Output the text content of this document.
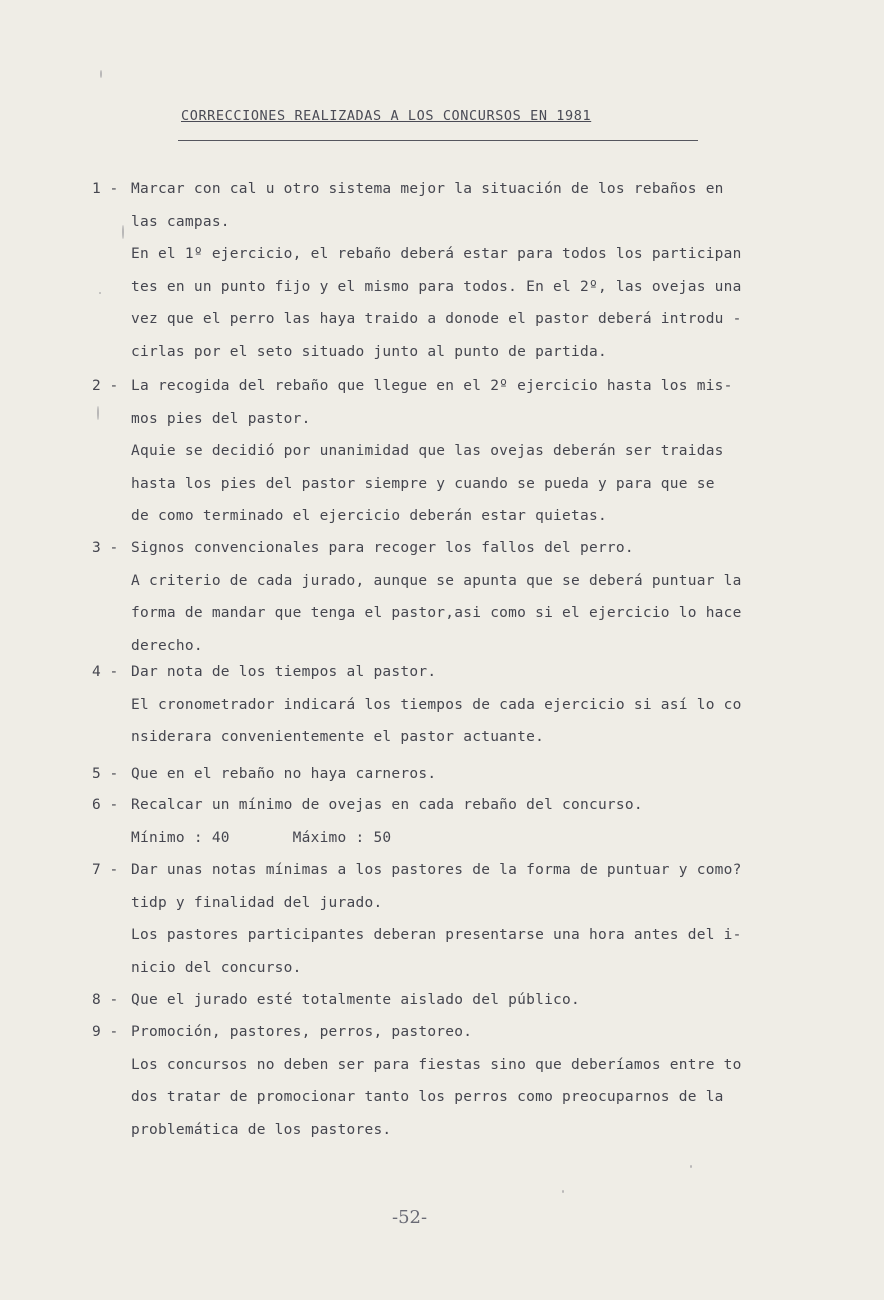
CORRECCIONES REALIZADAS A LOS CONCURSOS EN 1981
1 - Marcar con cal u otro sistema mejor la situación de los rebaños en
las campas.
En el 1º ejercicio, el rebaño deberá estar para todos los participan
tes en un punto fijo y el mismo para todos. En el 2º, las ovejas una
vez que el perro las haya traido a donode el pastor deberá introdu -
cirlas por el seto situado junto al punto de partida.
2 - La recogida del rebaño que llegue en el 2º ejercicio hasta los mis-
mos pies del pastor.
Aquie se decidió por unanimidad que las ovejas deberán ser traidas
hasta los pies del pastor siempre y cuando se pueda y para que se
de como terminado el ejercicio deberán estar quietas.
3 - Signos convencionales para recoger los fallos del perro.
A criterio de cada jurado, aunque se apunta que se deberá puntuar la
forma de mandar que tenga el pastor,asi como si el ejercicio lo hace
derecho.
4 - Dar nota de los tiempos al pastor.
El cronometrador indicará los tiempos de cada ejercicio si así lo co
nsiderara convenientemente el pastor actuante.
5 - Que en el rebaño no haya carneros.
6 - Recalcar un mínimo de ovejas en cada rebaño del concurso.
Mínimo : 40       Máximo : 50
7 - Dar unas notas mínimas a los pastores de la forma de puntuar y como?
tidp y finalidad del jurado.
Los pastores participantes deberan presentarse una hora antes del i-
nicio del concurso.
8 - Que el jurado esté totalmente aislado del público.
9 - Promoción, pastores, perros, pastoreo.
Los concursos no deben ser para fiestas sino que deberíamos entre to
dos tratar de promocionar tanto los perros como preocuparnos de la
problemática de los pastores.
-52-
